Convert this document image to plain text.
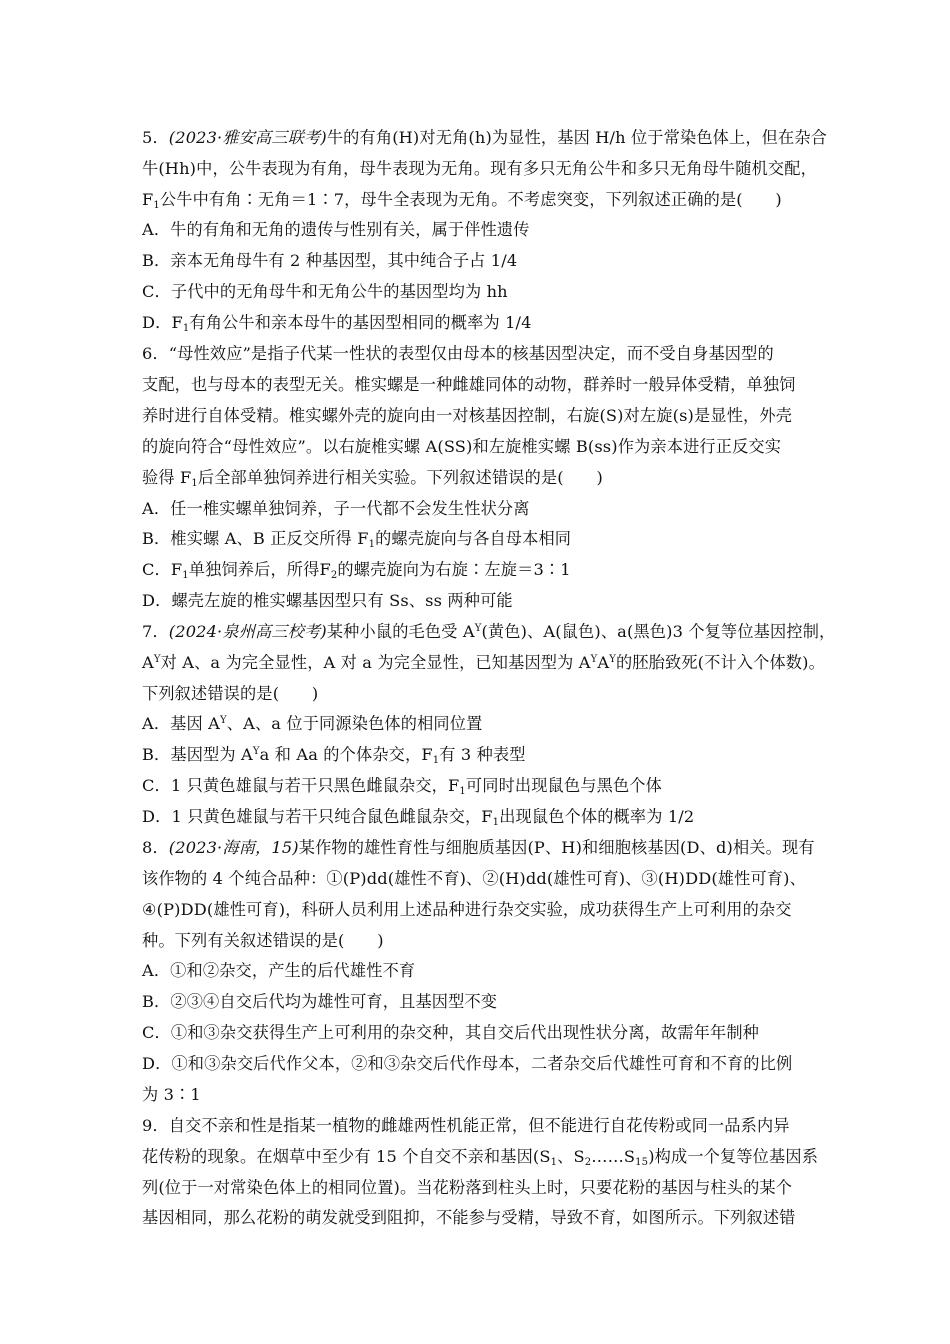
5．(2023·雅安高三联考)牛的有角(H)对无角(h)为显性，基因 H/h 位于常染色体上，但在杂合
牛(Hh)中，公牛表现为有角，母牛表现为无角。现有多只无角公牛和多只无角母牛随机交配，
$F_1$公牛中有角∶无角＝1∶7，母牛全表现为无角。不考虑突变，下列叙述正确的是(　　)
A．牛的有角和无角的遗传与性别有关，属于伴性遗传
B．亲本无角母牛有 2 种基因型，其中纯合子占 1/4
C．子代中的无角母牛和无角公牛的基因型均为 hh
D．$F_1$有角公牛和亲本母牛的基因型相同的概率为 1/4
6．“母性效应”是指子代某一性状的表型仅由母本的核基因型决定，而不受自身基因型的
支配，也与母本的表型无关。椎实螺是一种雌雄同体的动物，群养时一般异体受精，单独饲
养时进行自体受精。椎实螺外壳的旋向由一对核基因控制，右旋(S)对左旋(s)是显性，外壳
的旋向符合“母性效应”。以右旋椎实螺 A(SS)和左旋椎实螺 B(ss)作为亲本进行正反交实
验得 $F_1$后全部单独饲养进行相关实验。下列叙述错误的是(　　)
A．任一椎实螺单独饲养，子一代都不会发生性状分离
B．椎实螺 A、B 正反交所得 $F_1$的螺壳旋向与各自母本相同
C．$F_1$单独饲养后，所得$F_2$的螺壳旋向为右旋∶左旋＝3∶1
D．螺壳左旋的椎实螺基因型只有 Ss、ss 两种可能
7．(2024·泉州高三校考)某种小鼠的毛色受 $A^Y$(黄色)、A(鼠色)、a(黑色)3 个复等位基因控制，
$A^Y$对 A、a 为完全显性，A 对 a 为完全显性，已知基因型为 $A^YA^Y$的胚胎致死(不计入个体数)。
下列叙述错误的是(　　)
A．基因 $A^Y$、A、a 位于同源染色体的相同位置
B．基因型为 $A^Ya$ 和 Aa 的个体杂交，$F_1$有 3 种表型
C．1 只黄色雄鼠与若干只黑色雌鼠杂交，$F_1$可同时出现鼠色与黑色个体
D．1 只黄色雄鼠与若干只纯合鼠色雌鼠杂交，$F_1$出现鼠色个体的概率为 1/2
8．(2023·海南，15)某作物的雄性育性与细胞质基因(P、H)和细胞核基因(D、d)相关。现有
该作物的 4 个纯合品种：①(P)dd(雄性不育)、②(H)dd(雄性可育)、③(H)DD(雄性可育)、
④(P)DD(雄性可育)，科研人员利用上述品种进行杂交实验，成功获得生产上可利用的杂交
种。下列有关叙述错误的是(　　)
A．①和②杂交，产生的后代雄性不育
B．②③④自交后代均为雄性可育，且基因型不变
C．①和③杂交获得生产上可利用的杂交种，其自交后代出现性状分离，故需年年制种
D．①和③杂交后代作父本，②和③杂交后代作母本，二者杂交后代雄性可育和不育的比例
为 3∶1
9．自交不亲和性是指某一植物的雌雄两性机能正常，但不能进行自花传粉或同一品系内异
花传粉的现象。在烟草中至少有 15 个自交不亲和基因($S_1$、$S_2\dots\dots S_{15}$)构成一个复等位基因系
列(位于一对常染色体上的相同位置)。当花粉落到柱头上时，只要花粉的基因与柱头的某个
基因相同，那么花粉的萌发就受到阻抑，不能参与受精，导致不育，如图所示。下列叙述错
